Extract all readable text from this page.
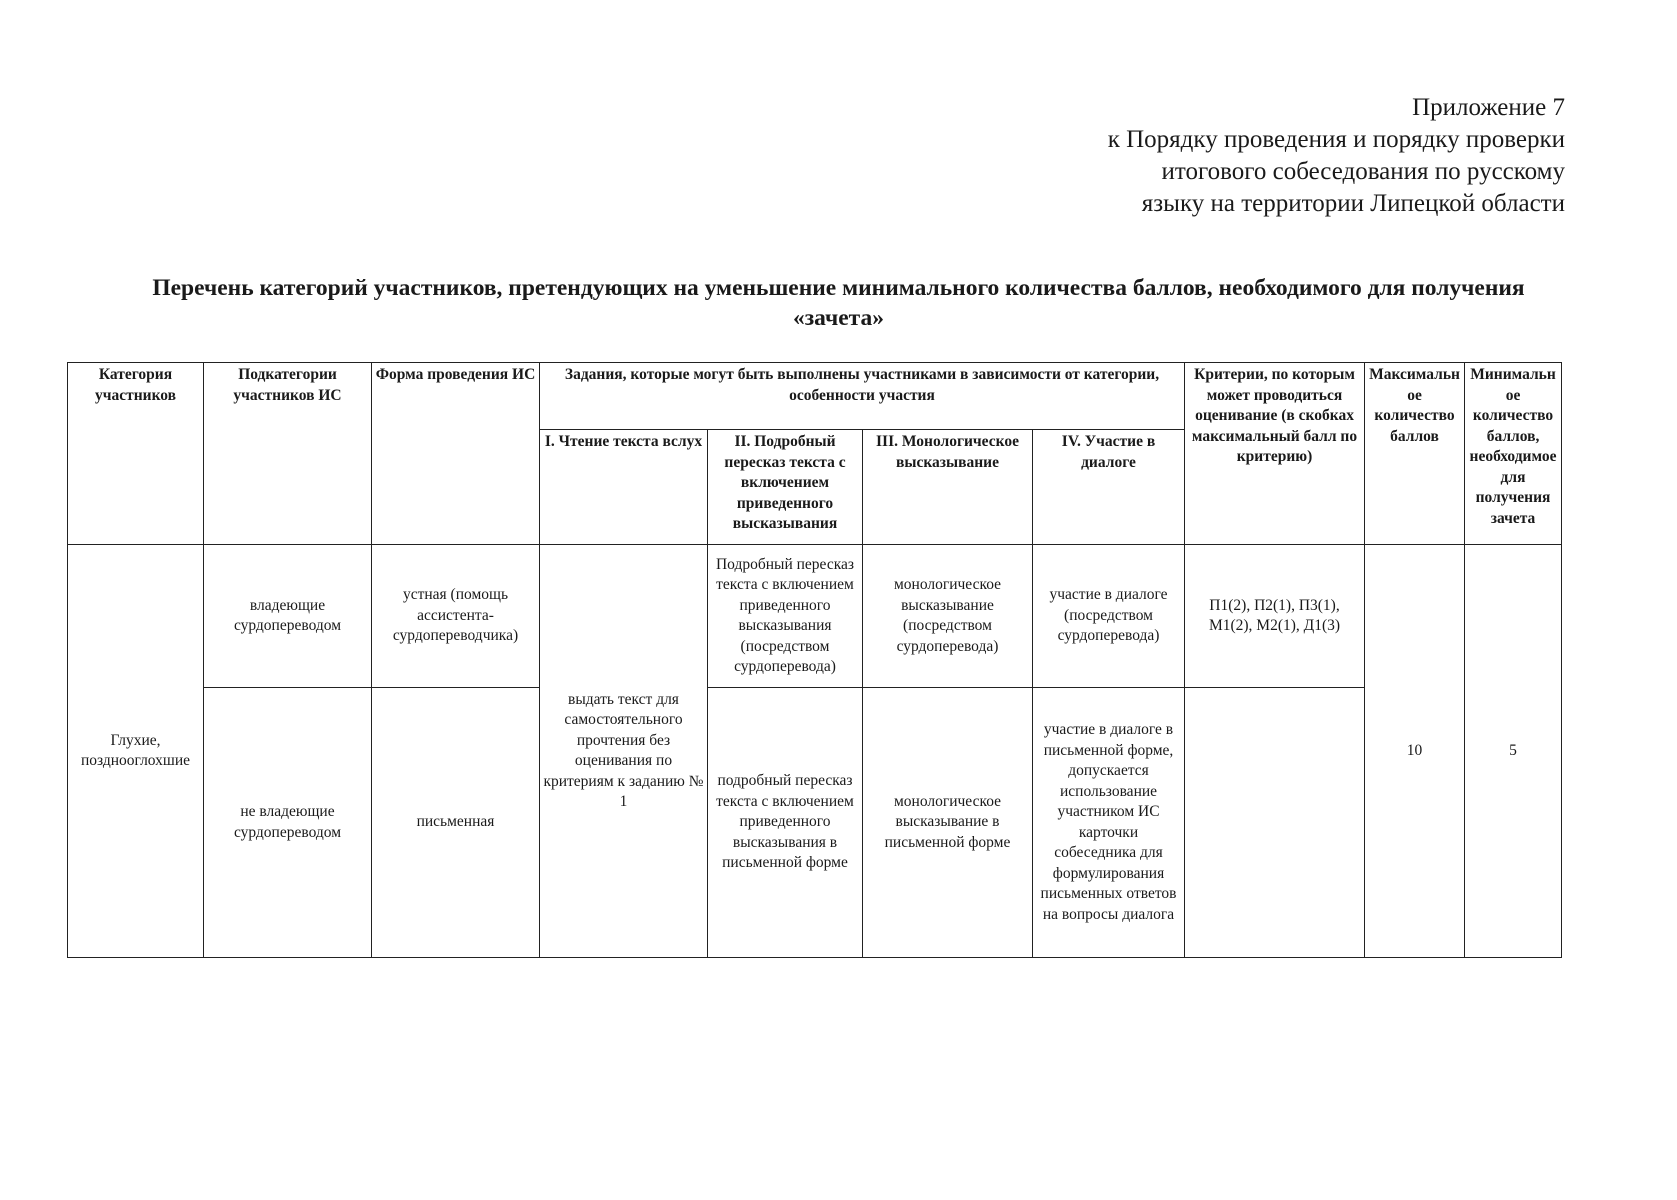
Приложение 7
к Порядку проведения и порядку проверки
итогового собеседования по русскому
языку на территории Липецкой области
Перечень категорий участников, претендующих на уменьшение минимального количества баллов, необходимого для получения «зачета»
Категория участников	Подкатегории участников ИС	Форма проведения ИС	Задания, которые могут быть выполнены участниками в зависимости от категории, особенности участия				Критерии, по которым может проводиться оценивание (в скобках максимальный балл по критерию)	Максимальное количество баллов	Минимальное количество баллов, необходимое для получения зачета
			I. Чтение текста вслух	II. Подробный пересказ текста с включением приведенного высказывания	III. Монологическое высказывание	IV. Участие в диалоге			
Глухие, позднооглохшие	владеющие сурдопереводом	устная (помощь ассистента-сурдопереводчика)	выдать текст для самостоятельного прочтения без оценивания по критериям к заданию № 1	Подробный пересказ текста с включением приведенного высказывания (посредством сурдоперевода)	монологическое высказывание (посредством сурдоперевода)	участие в диалоге (посредством сурдоперевода)	П1(2), П2(1), П3(1), М1(2), М2(1), Д1(3)	10	5
	не владеющие сурдопереводом	письменная		подробный пересказ текста с включением приведенного высказывания в письменной форме	монологическое высказывание в письменной форме	участие в диалоге в письменной форме, допускается использование участником ИС карточки собеседника для формулирования письменных ответов на вопросы диалога			
